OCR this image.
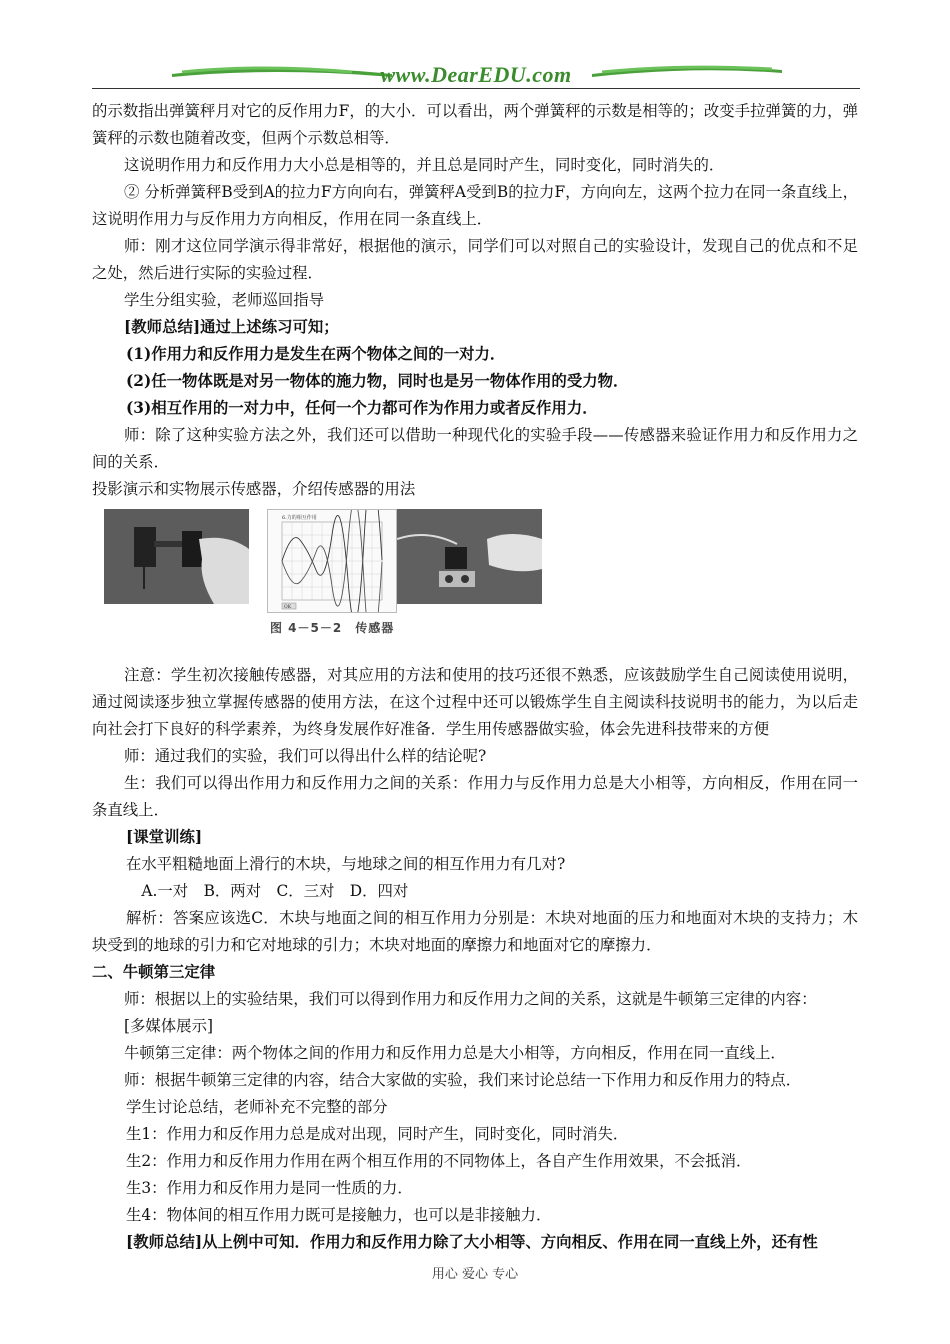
www.DearEDU.com

的示数指出弹簧秤月对它的反作用力F，的大小．可以看出，两个弹簧秤的示数是相等的；改变手拉弹簧的力，弹簧秤的示数也随着改变，但两个示数总相等．

这说明作用力和反作用力大小总是相等的，并且总是同时产生，同时变化，同时消失的．

② 分析弹簧秤B受到A的拉力F方向向右，弹簧秤A受到B的拉力F，方向向左，这两个拉力在同一条直线上，这说明作用力与反作用力方向相反，作用在同一条直线上．

师：刚才这位同学演示得非常好，根据他的演示，同学们可以对照自己的实验设计，发现自己的优点和不足之处，然后进行实际的实验过程．

学生分组实验，老师巡回指导

[教师总结]通过上述练习可知；

(1)作用力和反作用力是发生在两个物体之间的一对力．

(2)任一物体既是对另一物体的施力物，同时也是另一物体作用的受力物．

(3)相互作用的一对力中，任何一个力都可作为作用力或者反作用力．

师：除了这种实验方法之外，我们还可以借助一种现代化的实验手段——传感器来验证作用力和反作用力之间的关系．

投影演示和实物展示传感器，介绍传感器的用法

6.力的相互作用
OK
图 4－5－2　传感器

注意：学生初次接触传感器，对其应用的方法和使用的技巧还很不熟悉，应该鼓励学生自己阅读使用说明，通过阅读逐步独立掌握传感器的使用方法，在这个过程中还可以锻炼学生自主阅读科技说明书的能力，为以后走向社会打下良好的科学素养，为终身发展作好准备．学生用传感器做实验，体会先进科技带来的方便

师：通过我们的实验，我们可以得出什么样的结论呢?

生：我们可以得出作用力和反作用力之间的关系：作用力与反作用力总是大小相等，方向相反，作用在同一条直线上．

[课堂训练]

在水平粗糙地面上滑行的木块，与地球之间的相互作用力有几对?

　A.一对　B．两对　C．三对　D．四对

解析：答案应该选C．木块与地面之间的相互作用力分别是：木块对地面的压力和地面对木块的支持力；木块受到的地球的引力和它对地球的引力；木块对地面的摩擦力和地面对它的摩擦力．

二、牛顿第三定律

师：根据以上的实验结果，我们可以得到作用力和反作用力之间的关系，这就是牛顿第三定律的内容：

[多媒体展示]

牛顿第三定律：两个物体之间的作用力和反作用力总是大小相等，方向相反，作用在同一直线上．

师：根据牛顿第三定律的内容，结合大家做的实验，我们来讨论总结一下作用力和反作用力的特点．

学生讨论总结，老师补充不完整的部分

生1：作用力和反作用力总是成对出现，同时产生，同时变化，同时消失．

生2：作用力和反作用力作用在两个相互作用的不同物体上，各自产生作用效果，不会抵消．

生3：作用力和反作用力是同一性质的力．

生4：物体间的相互作用力既可是接触力，也可以是非接触力．

[教师总结]从上例中可知．作用力和反作用力除了大小相等、方向相反、作用在同一直线上外，还有性

用心 爱心 专心
